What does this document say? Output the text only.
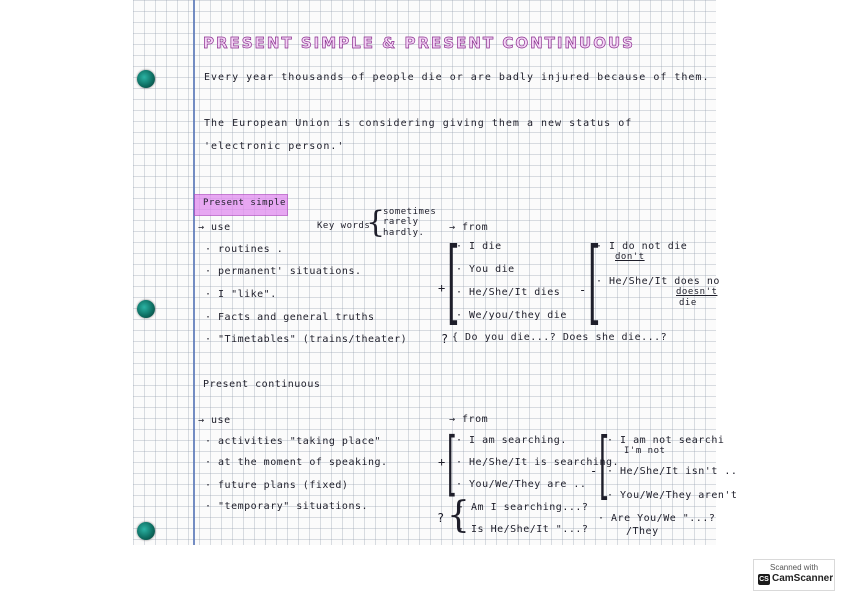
PRESENT SIMPLE & PRESENT CONTINUOUS
Every year thousands of people die or are badly injured because of them.
The European Union is considering giving them a new status of
'electronic person.'
Present simple
→ use	Key words
{
sometimes
rarely
hardly.
· routines .
· permanent' situations.
· I "like".
· Facts and general truths
· "Timetables" (trains/theater)
→ from
+ [
· I die
· You die
· He/She/It dies
· We/you/they die
- [
· I do not die
don't
· He/She/It does no
doesn't
die
? { Do you die...? Does she die...?
Present continuous
→ use
· activities "taking place"
· at the moment of speaking.
· future plans (fixed)
· "temporary" situations.
→ from
+ [ · I am searching.
· He/She/It is searching.
· You/We/They are ..
- [
· I am not searchi
I'm not
· He/She/It isn't ..
· You/We/They aren't
? {
· Am I searching...?
· Is He/She/It "...?
· Are You/We "...?
/They
Scanned with
CS CamScanner
